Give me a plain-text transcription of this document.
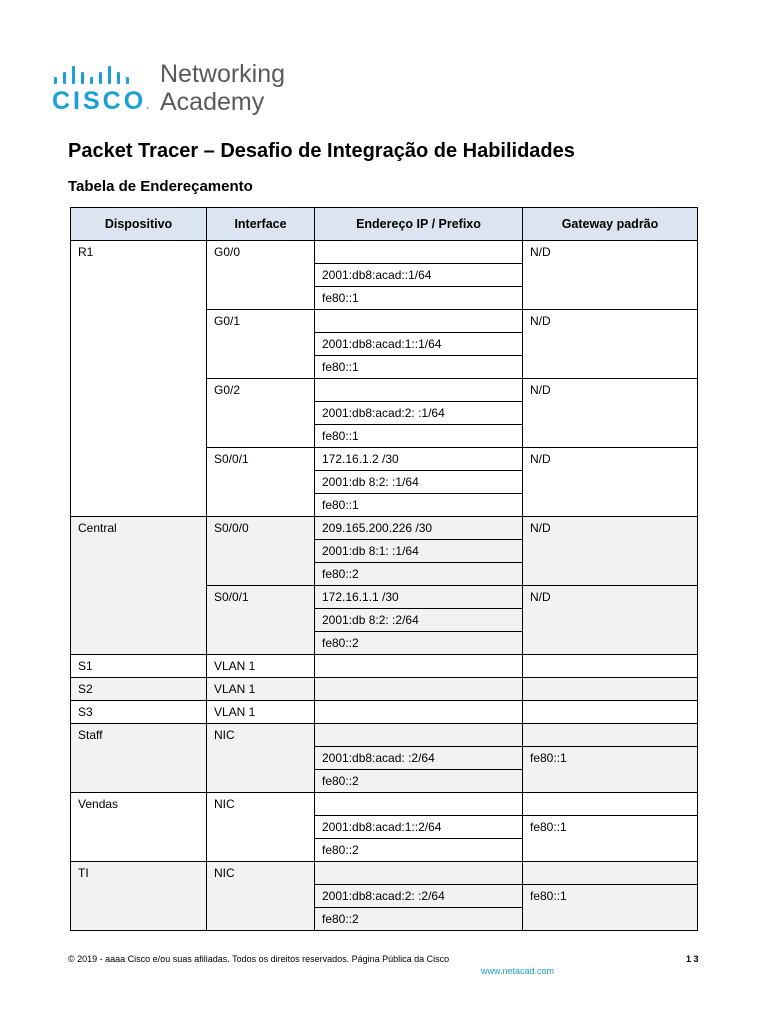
CISCO.
Networking
Academy
Packet Tracer – Desafio de Integração de Habilidades
Tabela de Endereçamento
Dispositivo	Interface	Endereço IP / Prefixo	Gateway padrão
R1	G0/0		N/D
		2001:db8:acad::1/64	
		fe80::1	
	G0/1		N/D
		2001:db8:acad:1::1/64	
		fe80::1	
	G0/2		N/D
		2001:db8:acad:2: :1/64	
		fe80::1	
	S0/0/1	172.16.1.2 /30	N/D
		2001:db 8:2: :1/64	
		fe80::1	
Central	S0/0/0	209.165.200.226 /30	N/D
		2001:db 8:1: :1/64	
		fe80::2	
	S0/0/1	172.16.1.1 /30	N/D
		2001:db 8:2: :2/64	
		fe80::2	
S1	VLAN 1		
S2	VLAN 1		
S3	VLAN 1		
Staff	NIC		
		2001:db8:acad: :2/64	fe80::1
		fe80::2	
Vendas	NIC		
		2001:db8:acad:1::2/64	fe80::1
		fe80::2	
TI	NIC		
		2001:db8:acad:2: :2/64	fe80::1
		fe80::2	
© 2019 - aaaa Cisco e/ou suas afiliadas. Todos os direitos reservados. Página Pública da Cisco
www.netacad.com
1 3
